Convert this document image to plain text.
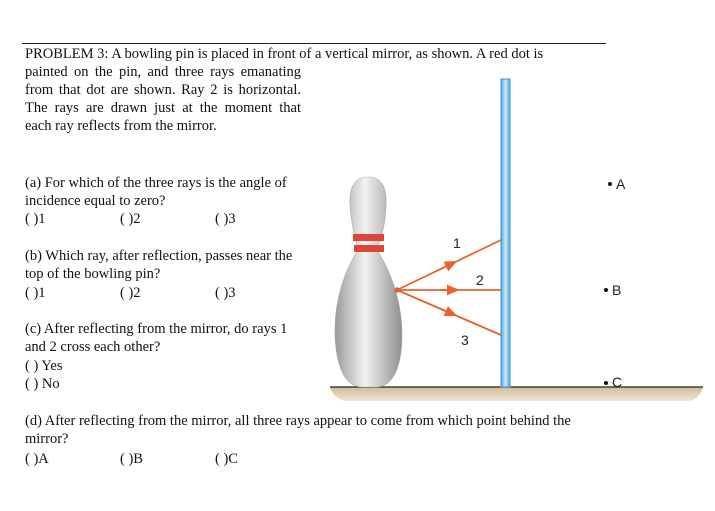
PROBLEM 3: A bowling pin is placed in front of a vertical mirror, as shown. A red dot is
painted on the pin, and three rays emanating from that dot are shown. Ray 2 is horizontal. The rays are drawn just at the moment that each ray reflects from the mirror.
(a) For which of the three rays is the angle of incidence equal to zero?
( )1	( )2	( )3
(b) Which ray, after reflection, passes near the top of the bowling pin?
( )1	( )2	( )3
(c) After reflecting from the mirror, do rays 1 and 2 cross each other?
( ) Yes
( ) No
(d) After reflecting from the mirror, all three rays appear to come from which point behind the mirror?
( )A	( )B	( )C
1
2
3
A
B
C
